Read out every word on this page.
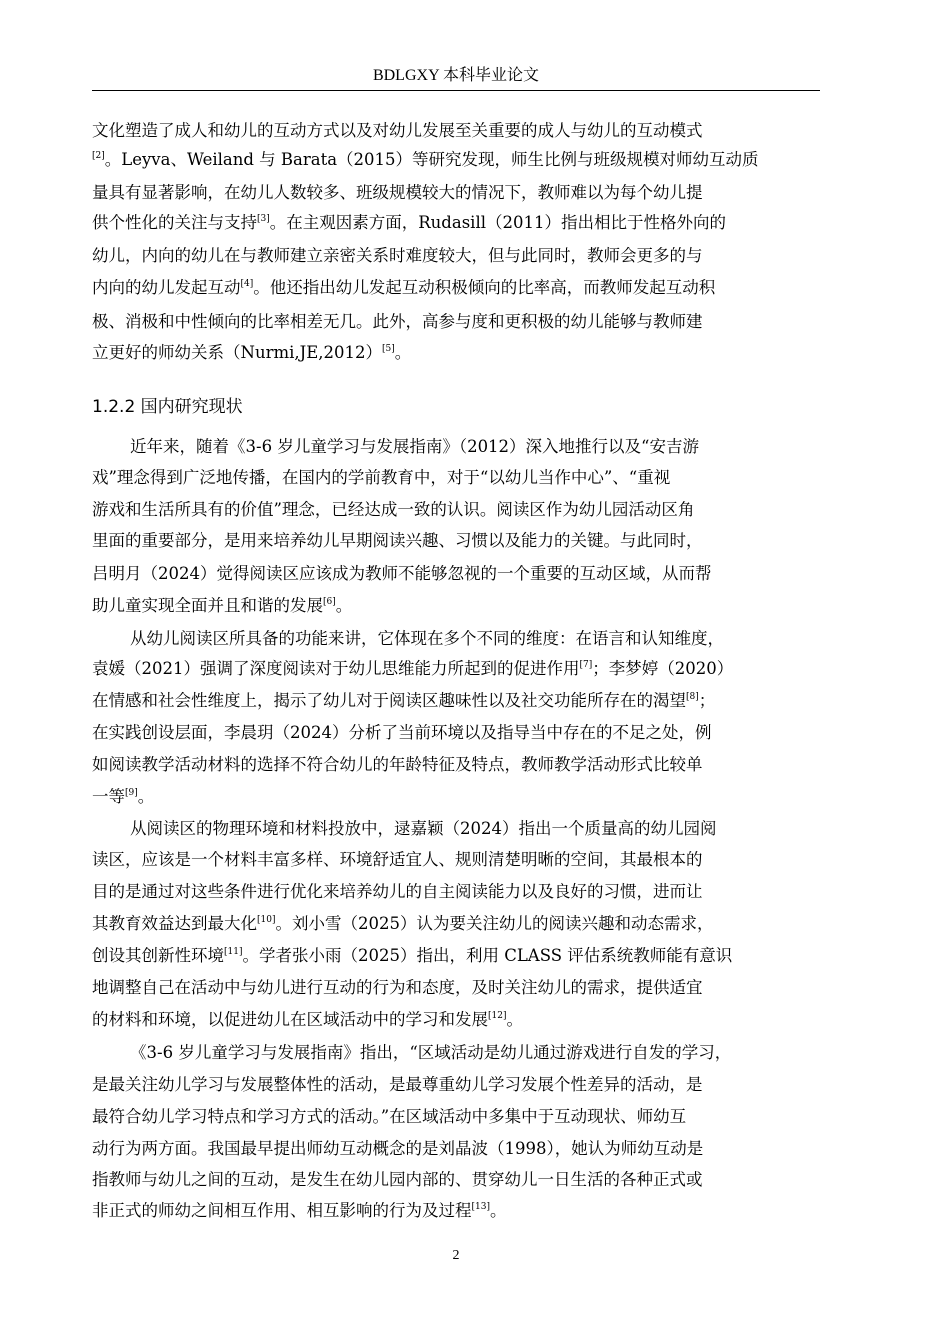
BDLGXY 本科毕业论文
1.2.2 国内研究现状
文化塑造了成人和幼儿的互动方式以及对幼儿发展至关重要的成人与幼儿的互动模式
[2]。Leyva、Weiland 与 Barata（2015）等研究发现，师生比例与班级规模对师幼互动质
量具有显著影响，在幼儿人数较多、班级规模较大的情况下，教师难以为每个幼儿提
供个性化的关注与支持[3]。在主观因素方面，Rudasill（2011）指出相比于性格外向的
幼儿，内向的幼儿在与教师建立亲密关系时难度较大，但与此同时，教师会更多的与
内向的幼儿发起互动[4]。他还指出幼儿发起互动积极倾向的比率高，而教师发起互动积
极、消极和中性倾向的比率相差无几。此外，高参与度和更积极的幼儿能够与教师建
立更好的师幼关系（Nurmi,JE,2012）[5]。
近年来，随着《3-6 岁儿童学习与发展指南》（2012）深入地推行以及“安吉游
戏”理念得到广泛地传播，在国内的学前教育中，对于“以幼儿当作中心”、“重视
游戏和生活所具有的价值”理念，已经达成一致的认识。阅读区作为幼儿园活动区角
里面的重要部分，是用来培养幼儿早期阅读兴趣、习惯以及能力的关键。与此同时，
吕明月（2024）觉得阅读区应该成为教师不能够忽视的一个重要的互动区域，从而帮
助儿童实现全面并且和谐的发展[6]。
从幼儿阅读区所具备的功能来讲，它体现在多个不同的维度：在语言和认知维度，
袁媛（2021）强调了深度阅读对于幼儿思维能力所起到的促进作用[7]；李梦婷（2020）
在情感和社会性维度上，揭示了幼儿对于阅读区趣味性以及社交功能所存在的渴望[8]；
在实践创设层面，李晨玥（2024）分析了当前环境以及指导当中存在的不足之处，例
如阅读教学活动材料的选择不符合幼儿的年龄特征及特点，教师教学活动形式比较单
一等[9]。
从阅读区的物理环境和材料投放中，逯嘉颖（2024）指出一个质量高的幼儿园阅
读区，应该是一个材料丰富多样、环境舒适宜人、规则清楚明晰的空间，其最根本的
目的是通过对这些条件进行优化来培养幼儿的自主阅读能力以及良好的习惯，进而让
其教育效益达到最大化[10]。刘小雪（2025）认为要关注幼儿的阅读兴趣和动态需求，
创设其创新性环境[11]。学者张小雨（2025）指出，利用 CLASS 评估系统教师能有意识
地调整自己在活动中与幼儿进行互动的行为和态度，及时关注幼儿的需求，提供适宜
的材料和环境，以促进幼儿在区域活动中的学习和发展[12]。
《3-6 岁儿童学习与发展指南》指出，“区域活动是幼儿通过游戏进行自发的学习，
是最关注幼儿学习与发展整体性的活动，是最尊重幼儿学习发展个性差异的活动，是
最符合幼儿学习特点和学习方式的活动。”在区域活动中多集中于互动现状、师幼互
动行为两方面。我国最早提出师幼互动概念的是刘晶波（1998），她认为师幼互动是
指教师与幼儿之间的互动，是发生在幼儿园内部的、贯穿幼儿一日生活的各种正式或
非正式的师幼之间相互作用、相互影响的行为及过程[13]。
2
